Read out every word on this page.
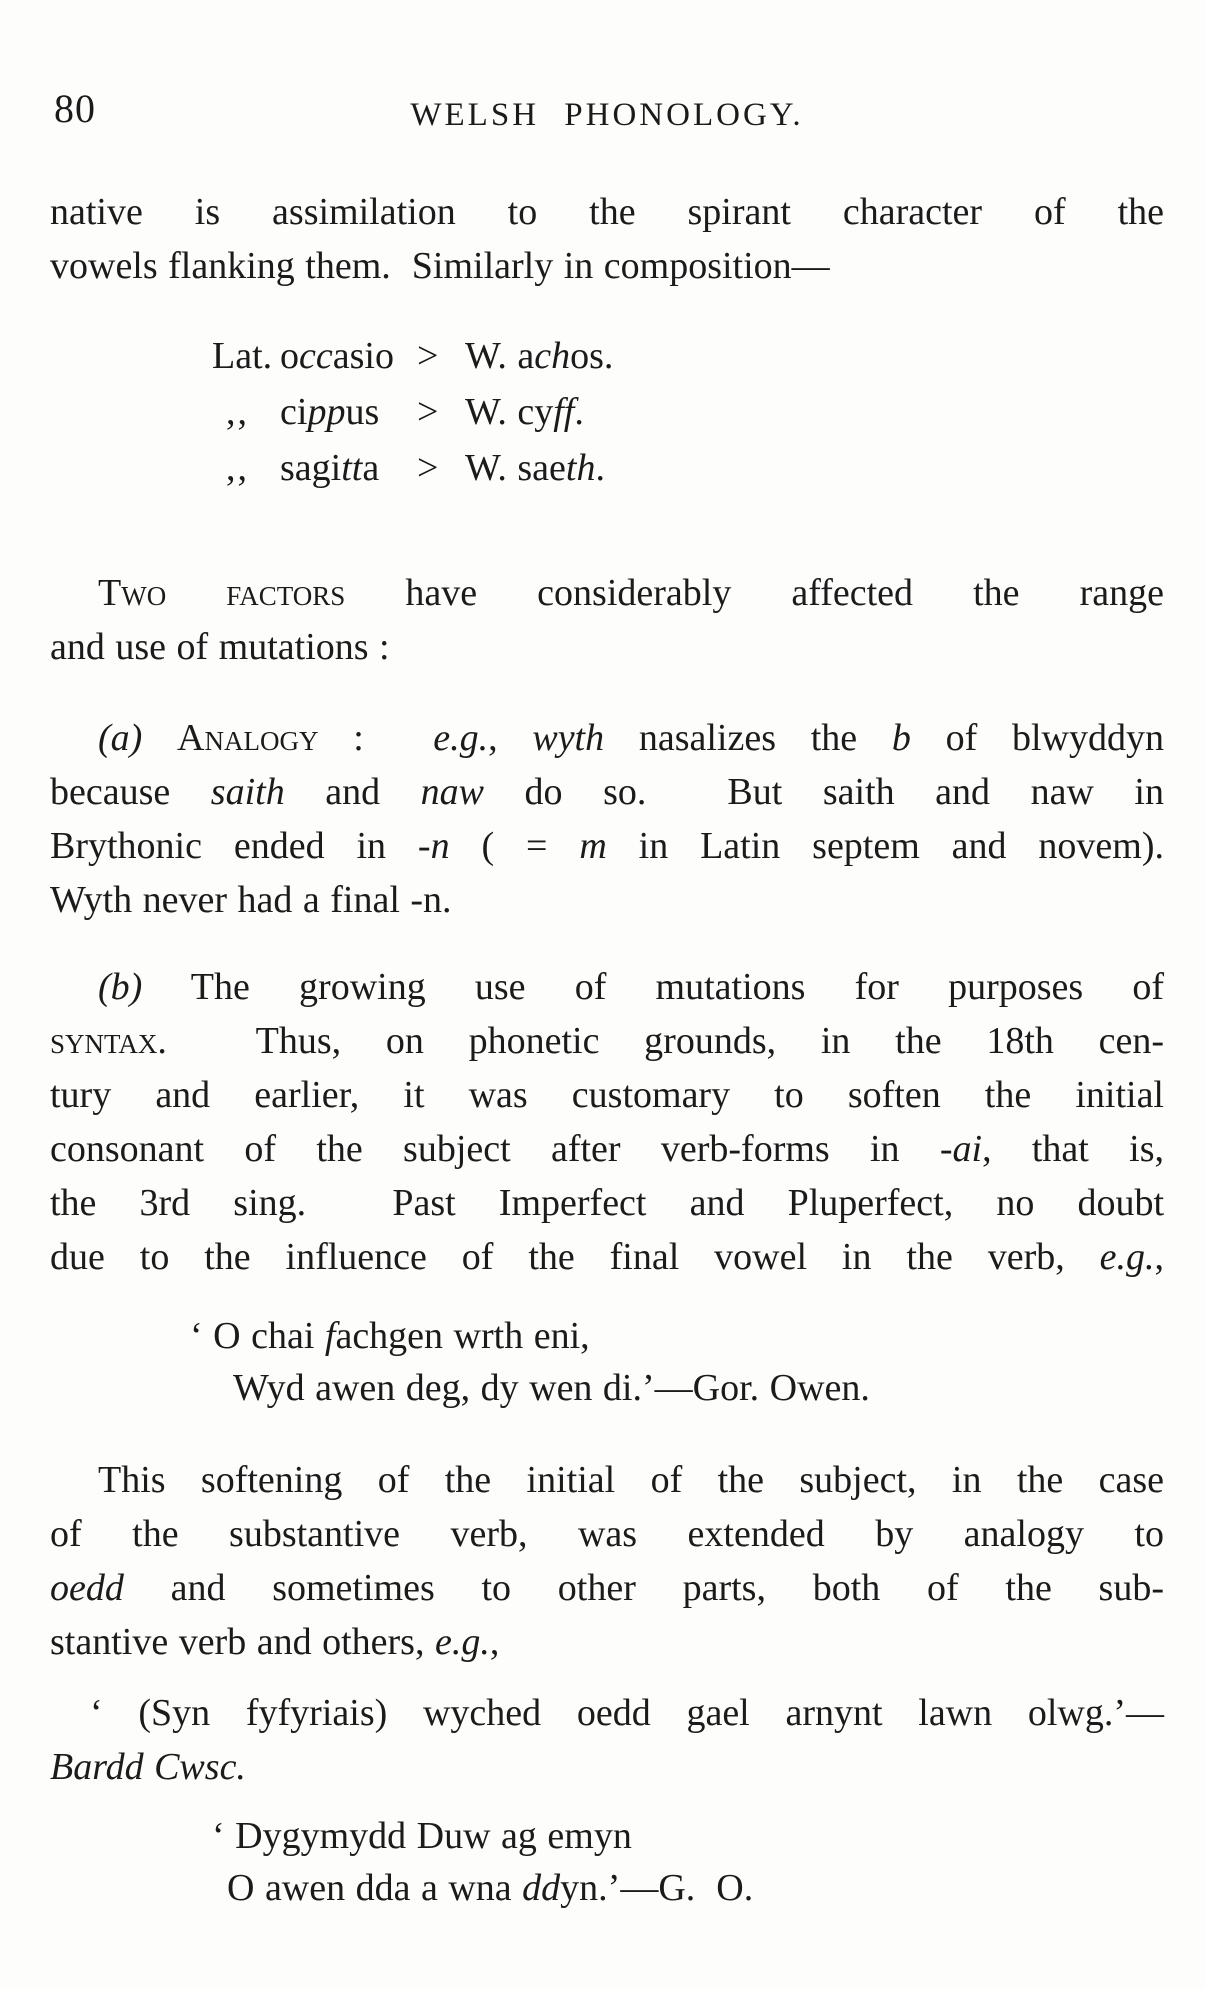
80	WELSH PHONOLOGY.
native is assimilation to the spirant character of the
vowels flanking them.  Similarly in composition—
Lat. occasio > W. achos.
,, cippus > W. cyff.
,, sagitta > W. saeth.
Two factors have considerably affected the range
and use of mutations :
(a) Analogy :  e.g., wyth nasalizes the b of blwyddyn
because saith and naw do so.  But saith and naw in
Brythonic ended in -n ( = m in Latin septem and novem).
Wyth never had a final -n.
(b) The growing use of mutations for purposes of
syntax.  Thus, on phonetic grounds, in the 18th cen-
tury and earlier, it was customary to soften the initial
consonant of the subject after verb-forms in -ai, that is,
the 3rd sing.  Past Imperfect and Pluperfect, no doubt
due to the influence of the final vowel in the verb, e.g.,
‘ O chai fachgen wrth eni,
Wyd awen deg, dy wen di.’—Gor. Owen.
This softening of the initial of the subject, in the case
of the substantive verb, was extended by analogy to
oedd and sometimes to other parts, both of the sub-
stantive verb and others, e.g.,
‘ (Syn fyfyriais) wyched oedd gael arnynt lawn olwg.’—
Bardd Cwsc.
‘ Dygymydd Duw ag emyn
O awen dda a wna ddyn.’—G.  O.
